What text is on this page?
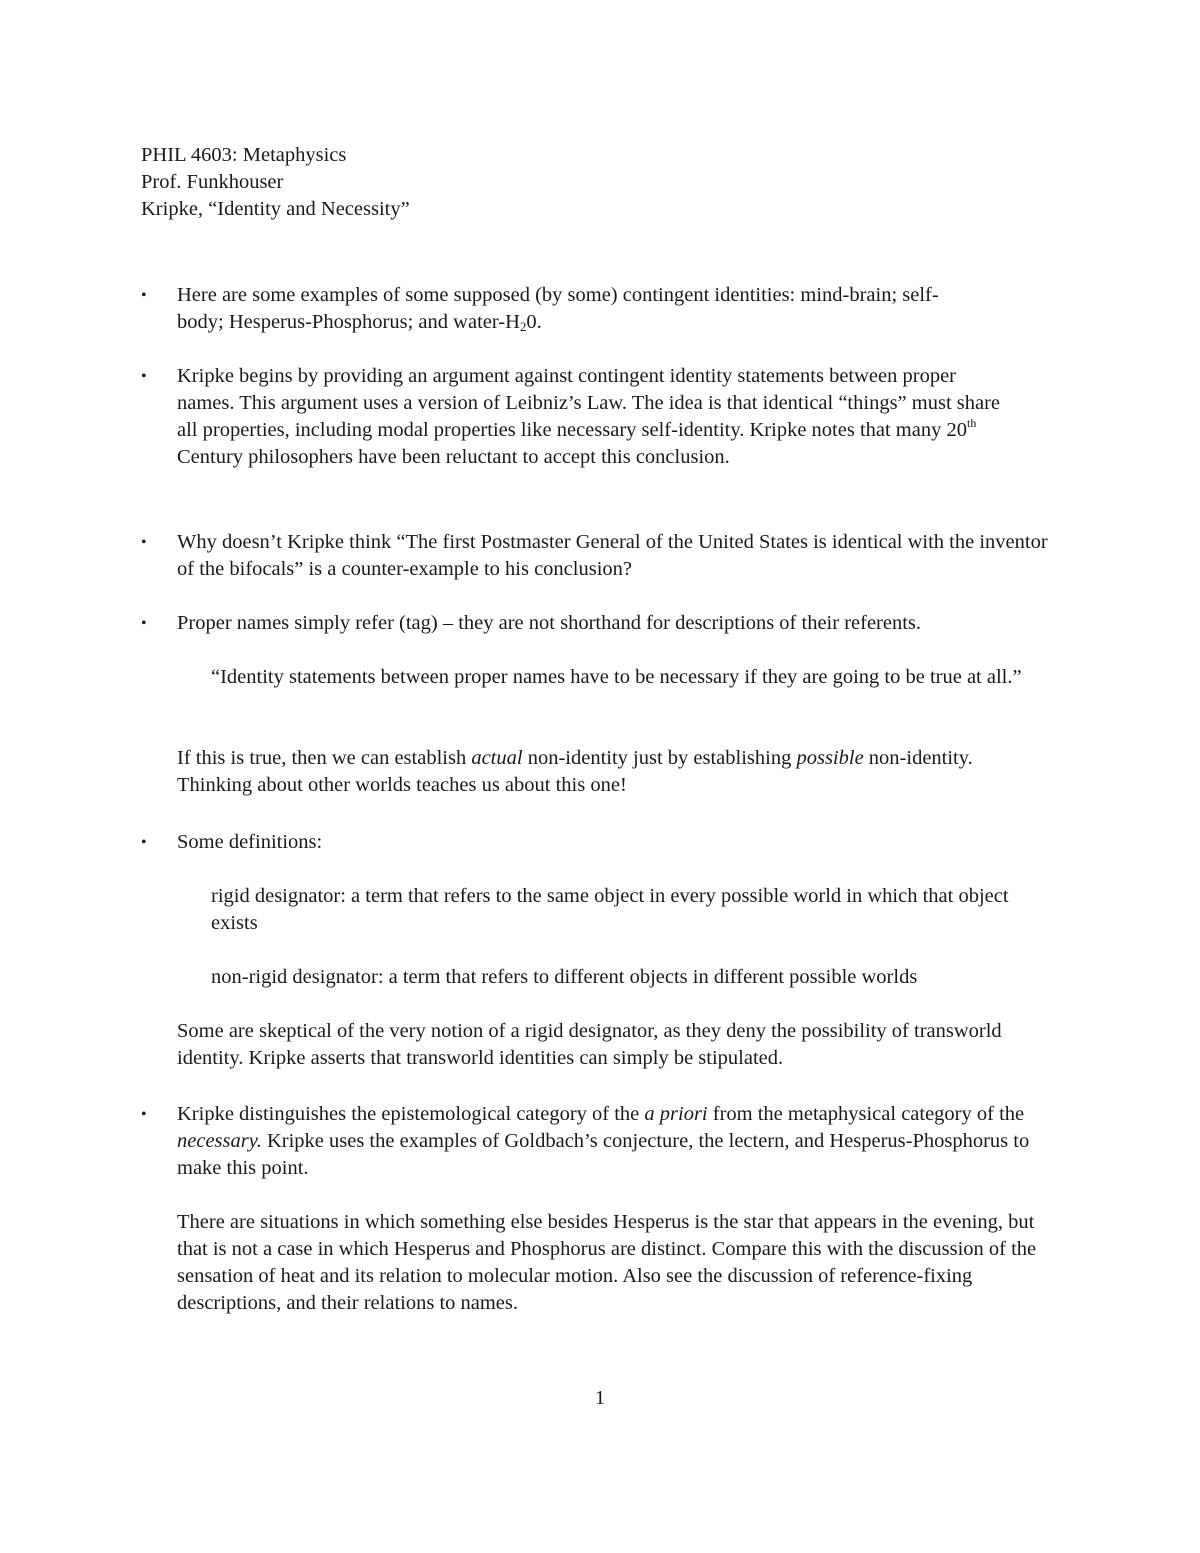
PHIL 4603: Metaphysics
Prof. Funkhouser
Kripke, “Identity and Necessity”
•	Here are some examples of some supposed (by some) contingent identities: mind-brain; self-
body; Hesperus-Phosphorus; and water-$H_20$.
•	Kripke begins by providing an argument against contingent identity statements between proper names. This argument uses a version of Leibniz’s Law. The idea is that identical “things” must share all properties, including modal properties like necessary self-identity. Kripke notes that many 20th Century philosophers have been reluctant to accept this conclusion.
•	Why doesn’t Kripke think “The first Postmaster General of the United States is identical with the inventor of the bifocals” is a counter-example to his conclusion?
•	Proper names simply refer (tag) – they are not shorthand for descriptions of their referents.
“Identity statements between proper names have to be necessary if they are going to be true at all.”
If this is true, then we can establish actual non-identity just by establishing possible non-identity. Thinking about other worlds teaches us about this one!
•	Some definitions:
rigid designator: a term that refers to the same object in every possible world in which that object exists
non-rigid designator: a term that refers to different objects in different possible worlds
Some are skeptical of the very notion of a rigid designator, as they deny the possibility of transworld identity. Kripke asserts that transworld identities can simply be stipulated.
•	Kripke distinguishes the epistemological category of the a priori from the metaphysical category of the necessary. Kripke uses the examples of Goldbach’s conjecture, the lectern, and Hesperus-Phosphorus to make this point.
There are situations in which something else besides Hesperus is the star that appears in the evening, but that is not a case in which Hesperus and Phosphorus are distinct. Compare this with the discussion of the sensation of heat and its relation to molecular motion. Also see the discussion of reference-fixing descriptions, and their relations to names.
1
